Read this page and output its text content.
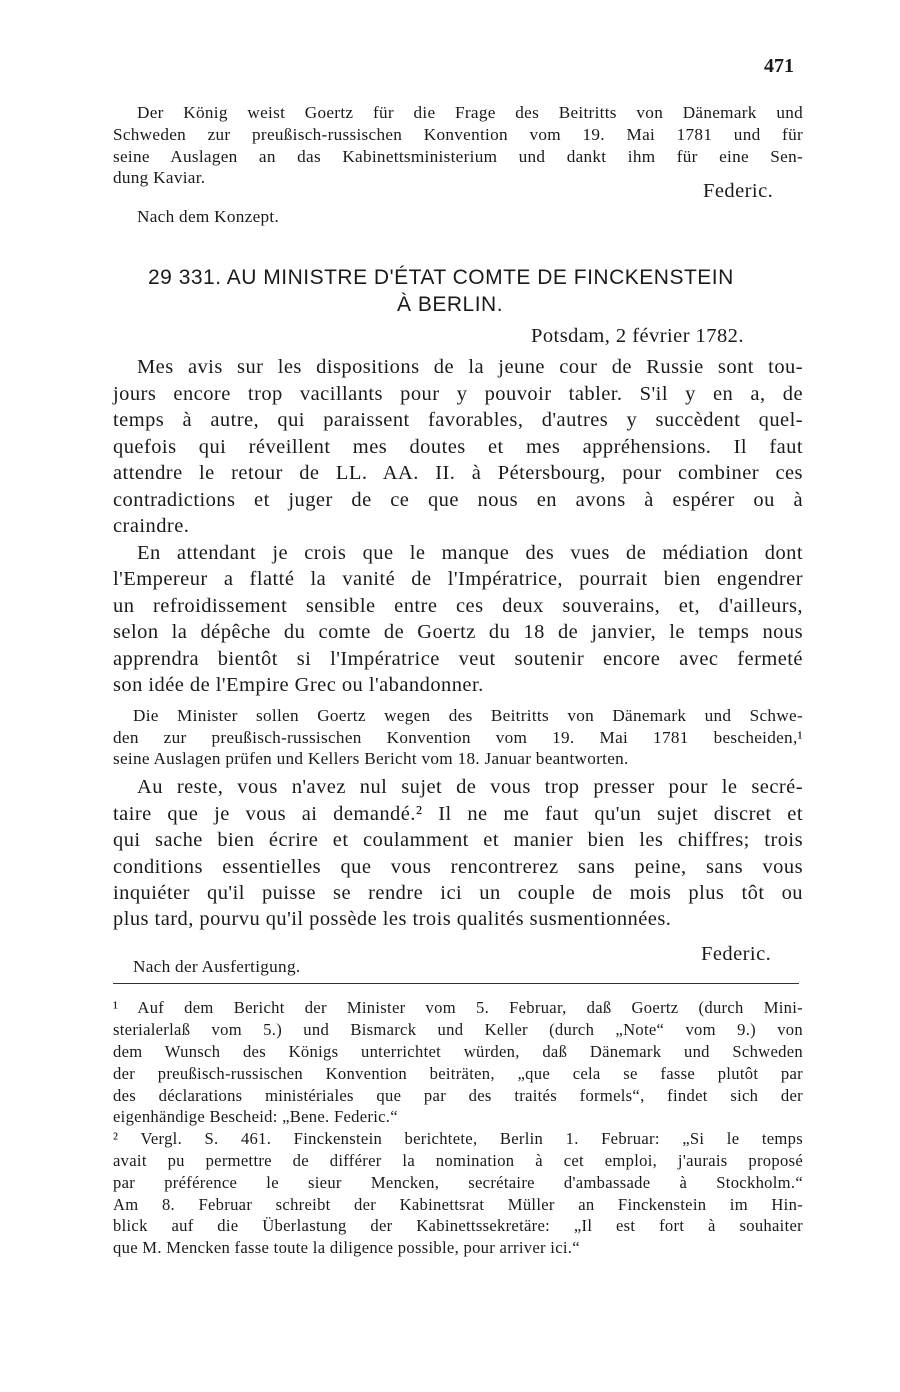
471
Der König weist Goertz für die Frage des Beitritts von Dänemark und
Schweden zur preußisch-russischen Konvention vom 19. Mai 1781 und für
seine Auslagen an das Kabinettsministerium und dankt ihm für eine Sen-
dung Kaviar.
Federic.
Nach dem Konzept.
29 331. AU MINISTRE D'ÉTAT COMTE DE FINCKENSTEIN
À BERLIN.
Potsdam, 2 février 1782.
Mes avis sur les dispositions de la jeune cour de Russie sont tou-
jours encore trop vacillants pour y pouvoir tabler. S'il y en a, de
temps à autre, qui paraissent favorables, d'autres y succèdent quel-
quefois qui réveillent mes doutes et mes appréhensions. Il faut
attendre le retour de LL. AA. II. à Pétersbourg, pour combiner ces
contradictions et juger de ce que nous en avons à espérer ou à
craindre.
En attendant je crois que le manque des vues de médiation dont
l'Empereur a flatté la vanité de l'Impératrice, pourrait bien engendrer
un refroidissement sensible entre ces deux souverains, et, d'ailleurs,
selon la dépêche du comte de Goertz du 18 de janvier, le temps nous
apprendra bientôt si l'Impératrice veut soutenir encore avec fermeté
son idée de l'Empire Grec ou l'abandonner.
Die Minister sollen Goertz wegen des Beitritts von Dänemark und Schwe-
den zur preußisch-russischen Konvention vom 19. Mai 1781 bescheiden,¹
seine Auslagen prüfen und Kellers Bericht vom 18. Januar beantworten.
Au reste, vous n'avez nul sujet de vous trop presser pour le secré-
taire que je vous ai demandé.² Il ne me faut qu'un sujet discret et
qui sache bien écrire et coulamment et manier bien les chiffres; trois
conditions essentielles que vous rencontrerez sans peine, sans vous
inquiéter qu'il puisse se rendre ici un couple de mois plus tôt ou
plus tard, pourvu qu'il possède les trois qualités susmentionnées.
Federic.
Nach der Ausfertigung.
¹ Auf dem Bericht der Minister vom 5. Februar, daß Goertz (durch Mini-
sterialerlaß vom 5.) und Bismarck und Keller (durch „Note“ vom 9.) von
dem Wunsch des Königs unterrichtet würden, daß Dänemark und Schweden
der preußisch-russischen Konvention beiträten, „que cela se fasse plutôt par
des déclarations ministériales que par des traités formels“, findet sich der
eigenhändige Bescheid: „Bene. Federic.“
² Vergl. S. 461. Finckenstein berichtete, Berlin 1. Februar: „Si le temps
avait pu permettre de différer la nomination à cet emploi, j'aurais proposé
par préférence le sieur Mencken, secrétaire d'ambassade à Stockholm.“
Am 8. Februar schreibt der Kabinettsrat Müller an Finckenstein im Hin-
blick auf die Überlastung der Kabinettssekretäre: „Il est fort à souhaiter
que M. Mencken fasse toute la diligence possible, pour arriver ici.“
